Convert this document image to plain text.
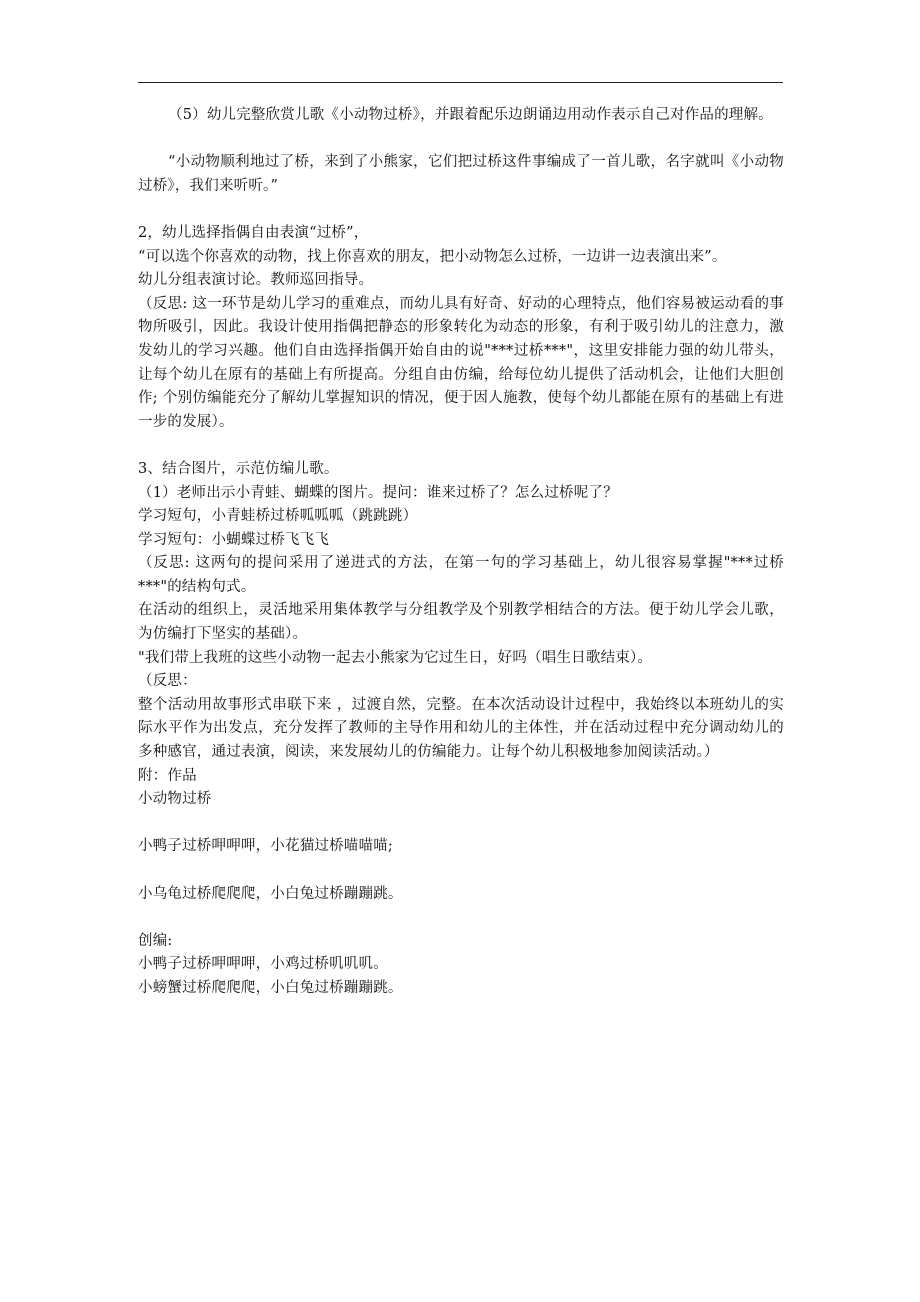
（5）幼儿完整欣赏儿歌《小动物过桥》，并跟着配乐边朗诵边用动作表示自己对作品的理解。

“小动物顺利地过了桥，来到了小熊家，它们把过桥这件事编成了一首儿歌，名字就叫《小动物过桥》，我们来听听。”

2，幼儿选择指偶自由表演“过桥”，

“可以选个你喜欢的动物，找上你喜欢的朋友，把小动物怎么过桥，一边讲一边表演出来”。

幼儿分组表演讨论。教师巡回指导。

（反思: 这一环节是幼儿学习的重难点，而幼儿具有好奇、好动的心理特点，他们容易被运动看的事物所吸引，因此。我设计使用指偶把静态的形象转化为动态的形象，有利于吸引幼儿的注意力，激发幼儿的学习兴趣。他们自由选择指偶开始自由的说"***过桥***"，这里安排能力强的幼儿带头，让每个幼儿在原有的基础上有所提高。分组自由仿编，给每位幼儿提供了活动机会，让他们大胆创作; 个别仿编能充分了解幼儿掌握知识的情况，便于因人施教，使每个幼儿都能在原有的基础上有进一步的发展）。

3、结合图片，示范仿编儿歌。

（1）老师出示小青蛙、蝴蝶的图片。提问：谁来过桥了？怎么过桥呢了？

学习短句，小青蛙桥过桥呱呱呱（跳跳跳）

学习短句：小蝴蝶过桥飞飞飞

（反思: 这两句的提问采用了递进式的方法，在第一句的学习基础上，幼儿很容易掌握"***过桥***"的结构句式。

在活动的组织上，灵活地采用集体教学与分组教学及个别教学相结合的方法。便于幼儿学会儿歌，为仿编打下坚实的基础）。

"我们带上我班的这些小动物一起去小熊家为它过生日，好吗（唱生日歌结束）。

（反思：

整个活动用故事形式串联下来 ，过渡自然，完整。在本次活动设计过程中，我始终以本班幼儿的实际水平作为出发点，充分发挥了教师的主导作用和幼儿的主体性，并在活动过程中充分调动幼儿的多种感官，通过表演，阅读，来发展幼儿的仿编能力。让每个幼儿积极地参加阅读活动。）

附：作品

小动物过桥

小鸭子过桥呷呷呷，小花猫过桥喵喵喵;

小乌龟过桥爬爬爬，小白兔过桥蹦蹦跳。

创编:

小鸭子过桥呷呷呷，小鸡过桥叽叽叽。

小螃蟹过桥爬爬爬，小白兔过桥蹦蹦跳。
